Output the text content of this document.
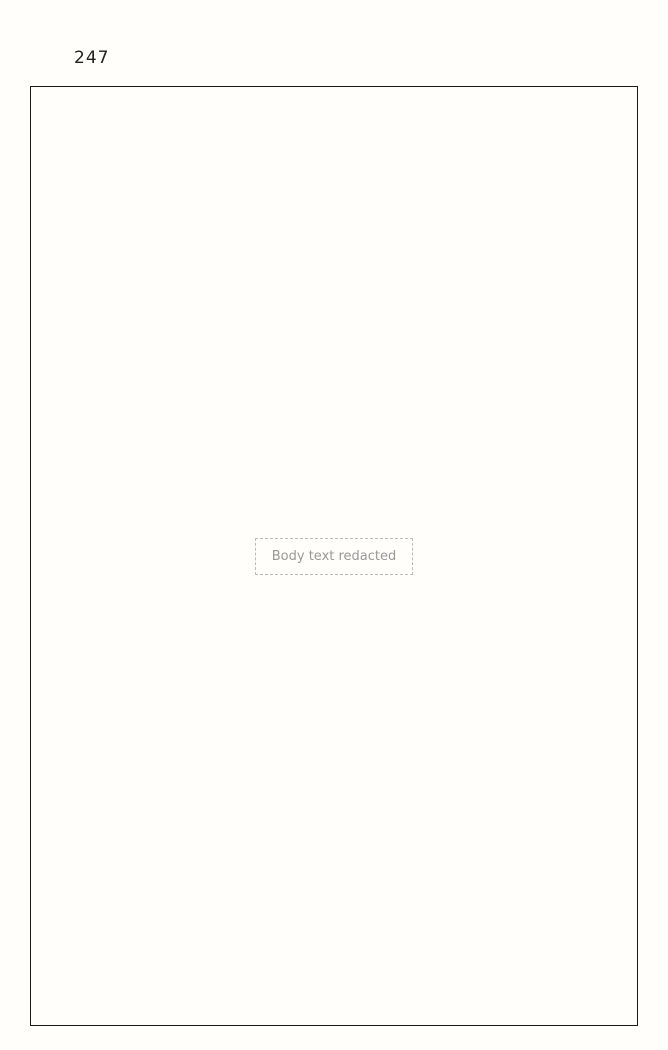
247
Body text redacted
